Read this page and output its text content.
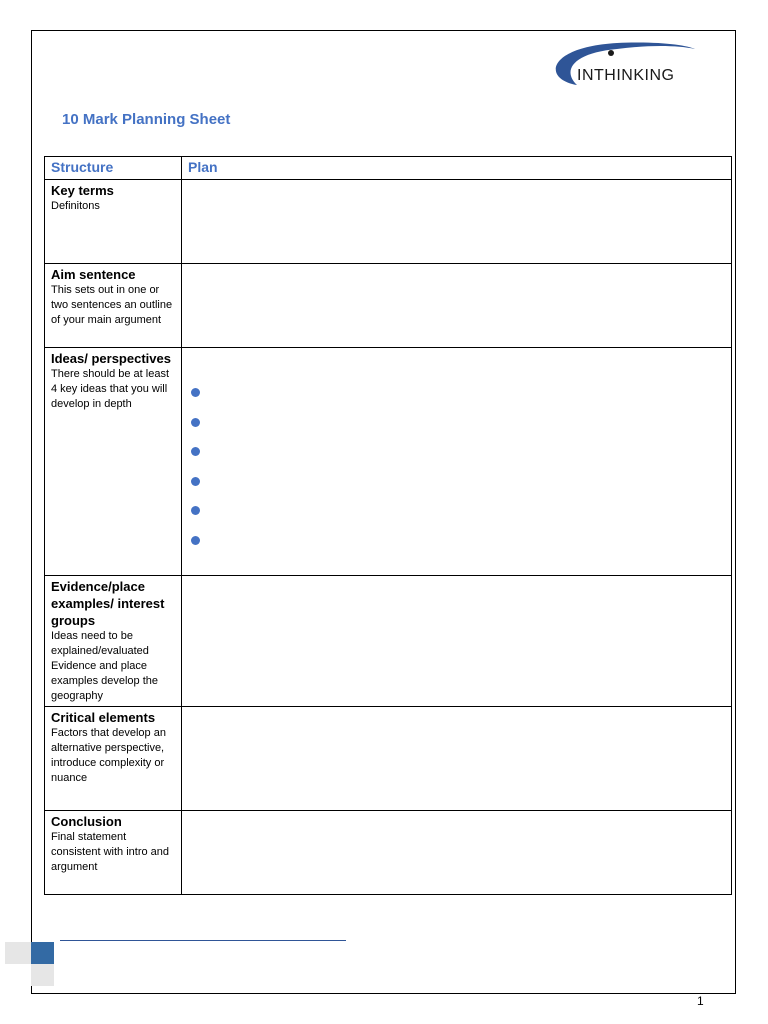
INTHINKING
10 Mark Planning Sheet
Structure	Plan

Key terms
Definitons	

Aim sentence
This sets out in one or two sentences an outline of your main argument	

Ideas/ perspectives
There should be at least 4 key ideas that you will develop in depth	

Evidence/place examples/ interest groups
Ideas need to be explained/evaluated Evidence and place examples develop the geography	

Critical elements
Factors that develop an alternative perspective, introduce complexity or nuance	

Conclusion
Final statement consistent with intro and argument	

1
